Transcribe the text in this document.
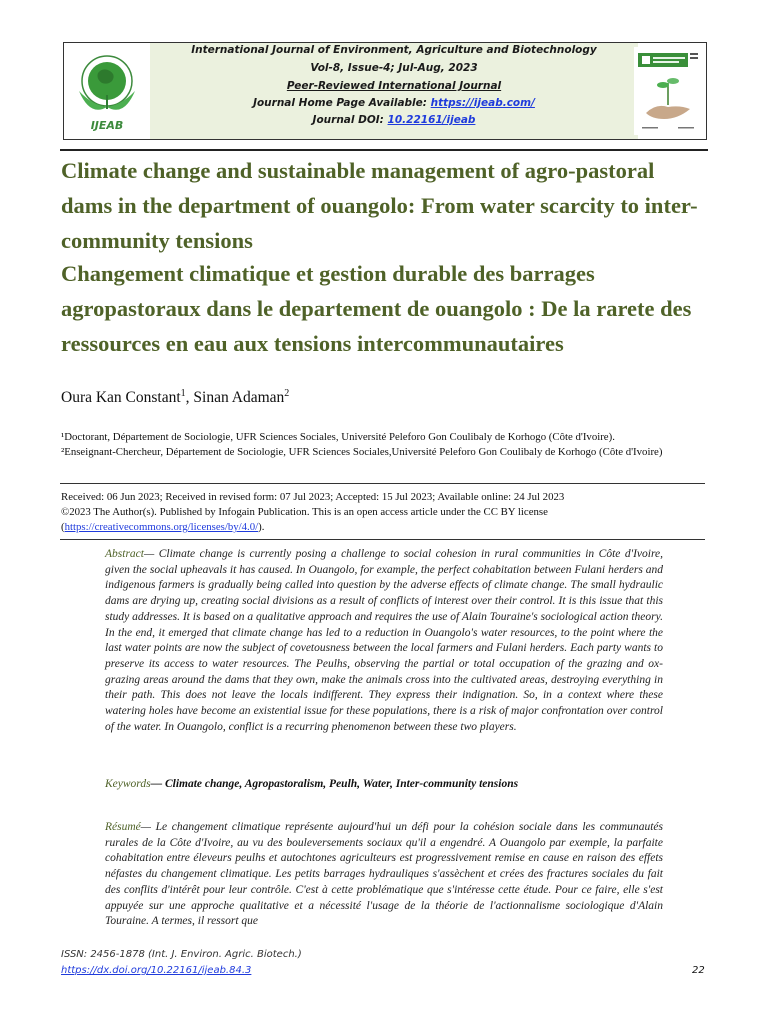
IJEAB
International Journal of Environment, Agriculture and Biotechnology
Vol-8, Issue-4; Jul-Aug, 2023
Peer-Reviewed International Journal
Journal Home Page Available: https://ijeab.com/
Journal DOI: 10.22161/ijeab
Climate change and sustainable management of agro-pastoral dams in the department of ouangolo: From water scarcity to inter-community tensions
Changement climatique et gestion durable des barrages agropastoraux dans le departement de ouangolo : De la rarete des ressources en eau aux tensions intercommunautaires
Oura Kan Constant$^1$, Sinan Adaman$^2$

¹Doctorant, Département de Sociologie, UFR Sciences Sociales, Université Peleforo Gon Coulibaly de Korhogo (Côte d'Ivoire).

²Enseignant-Chercheur, Département de Sociologie, UFR Sciences Sociales,Université Peleforo Gon Coulibaly de Korhogo (Côte d'Ivoire)

Received: 06 Jun 2023; Received in revised form: 07 Jul 2023; Accepted: 15 Jul 2023; Available online: 24 Jul 2023

©2023 The Author(s). Published by Infogain Publication. This is an open access article under the CC BY license

(https://creativecommons.org/licenses/by/4.0/).

Abstract— Climate change is currently posing a challenge to social cohesion in rural communities in Côte d'Ivoire, given the social upheavals it has caused. In Ouangolo, for example, the perfect cohabitation between Fulani herders and indigenous farmers is gradually being called into question by the adverse effects of climate change. The small hydraulic dams are drying up, creating social divisions as a result of conflicts of interest over their control. It is this issue that this study addresses. It is based on a qualitative approach and requires the use of Alain Touraine's sociological action theory. In the end, it emerged that climate change has led to a reduction in Ouangolo's water resources, to the point where the last water points are now the subject of covetousness between the local farmers and Fulani herders. Each party wants to preserve its access to water resources. The Peulhs, observing the partial or total occupation of the grazing and ox-grazing areas around the dams that they own, make the animals cross into the cultivated areas, destroying everything in their path. This does not leave the locals indifferent. They express their indignation. So, in a context where these watering holes have become an existential issue for these populations, there is a risk of major confrontation over control of the water. In Ouangolo, conflict is a recurring phenomenon between these two players.

Keywords— Climate change, Agropastoralism, Peulh, Water, Inter-community tensions

Résumé— Le changement climatique représente aujourd'hui un défi pour la cohésion sociale dans les communautés rurales de la Côte d'Ivoire, au vu des bouleversements sociaux qu'il a engendré. A Ouangolo par exemple, la parfaite cohabitation entre éleveurs peulhs et autochtones agriculteurs est progressivement remise en cause en raison des effets néfastes du changement climatique. Les petits barrages hydrauliques s'assèchent et crées des fractures sociales du fait des conflits d'intérêt pour leur contrôle. C'est à cette problématique que s'intéresse cette étude. Pour ce faire, elle s'est appuyée sur une approche qualitative et a nécessité l'usage de la théorie de l'actionnalisme sociologique d'Alain Touraine. A termes, il ressort que

ISSN: 2456-1878 (Int. J. Environ. Agric. Biotech.)
https://dx.doi.org/10.22161/ijeab.84.3	22
